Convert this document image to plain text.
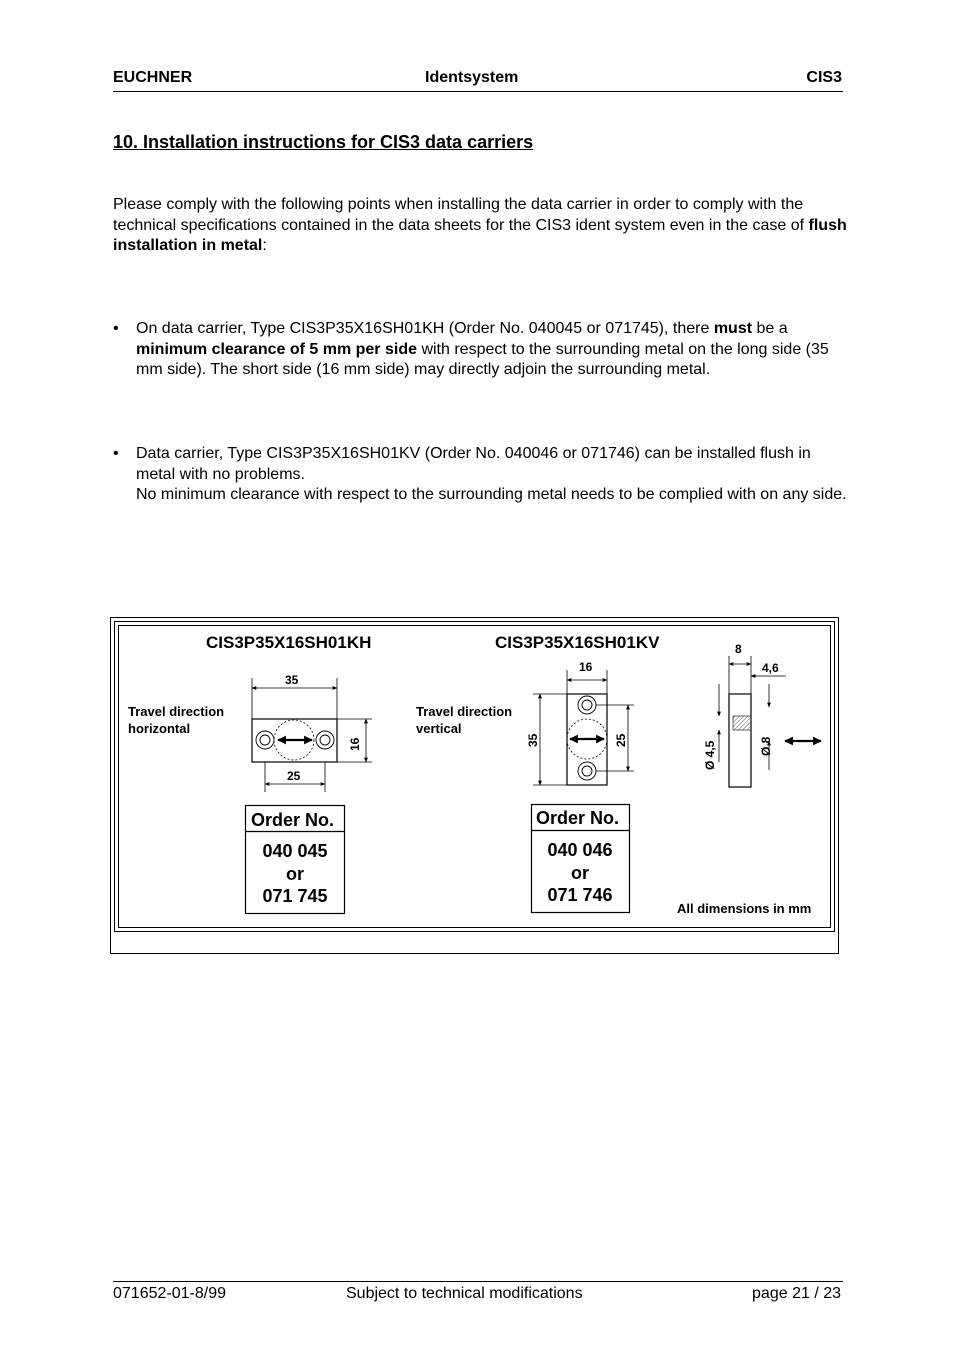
EUCHNER	Identsystem	CIS3
10. Installation instructions for CIS3 data carriers
Please comply with the following points when installing the data carrier in order to comply with the technical specifications contained in the data sheets for the CIS3 ident system even in the case of flush installation in metal:
•	On data carrier, Type CIS3P35X16SH01KH (Order No. 040045 or 071745), there must be a minimum clearance of 5 mm per side with respect to the surrounding metal on the long side (35 mm side). The short side (16 mm side) may directly adjoin the surrounding metal.
•	Data carrier, Type CIS3P35X16SH01KV (Order No. 040046 or 071746) can be installed flush in metal with no problems.
No minimum clearance with respect to the surrounding metal needs to be complied with on any side.
CIS3P35X16SH01KH
Travel direction
horizontal
35
25
16
Order No.
040 045
or
071 745
CIS3P35X16SH01KV
Travel direction
vertical
16
35	25
Order No.
040 046
or
071 746
8
4,6
Ø 4,5	Ø 8
All dimensions in mm
071652-01-8/99	Subject to technical modifications	page 21 / 23
